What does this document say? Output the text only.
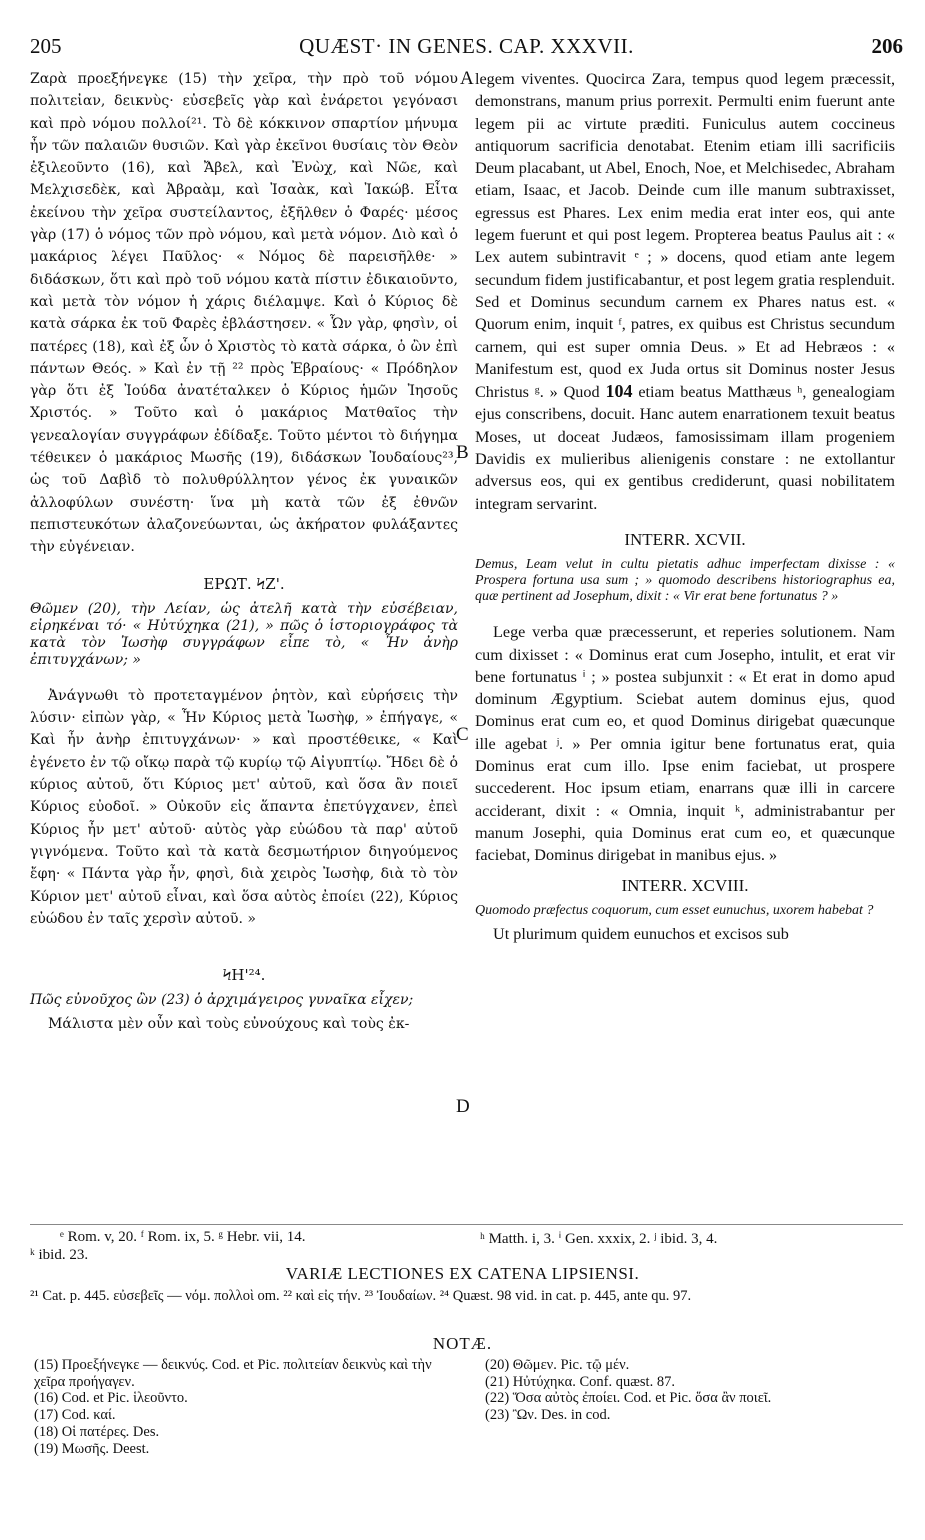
205	QUÆST· IN GENES. CAP. XXXVII.	206

Ζαρὰ προεξήνεγκε (15) τὴν χεῖρα, τὴν πρὸ τοῦ νόμου πολιτεἰαν, δεικνὺς· εὐσεβεῖς γὰρ καὶ ἐνάρετοι γεγόνασι καὶ πρὸ νόμου πολλοί²¹. Τὸ δὲ κόκκινον σπαρτίον μήνυμα ἦν τῶν παλαιῶν θυσιῶν. Καὶ γὰρ ἐκεῖνοι θυσίαις τὸν Θεὸν ἐξιλεοῦντο (16), καὶ Ἄβελ, καὶ Ἐνὼχ, καὶ Νῶε, καὶ Μελχισεδὲκ, καὶ Ἀβραὰμ, καὶ Ἰσαὰκ, καὶ Ἰακώβ. Εἶτα ἐκείνου τὴν χεῖρα συστείλαντος, ἐξῆλθεν ὁ Φαρές· μέσος γὰρ (17) ὁ νόμος τῶν πρὸ νόμου, καὶ μετὰ νόμον. Διὸ καὶ ὁ μακάριος λέγει Παῦλος· « Νόμος δὲ παρεισῆλθε· » διδάσκων, ὅτι καὶ πρὸ τοῦ νόμου κατὰ πίστιν ἐδικαιοῦντο, καὶ μετὰ τὸν νόμον ἡ χάρις διέλαμψε. Καὶ ὁ Κύριος δὲ κατὰ σάρκα ἐκ τοῦ Φαρὲς ἐβλάστησεν. « Ὧν γὰρ, φησὶν, οἱ πατέρες (18), καὶ ἐξ ὧν ὁ Χριστὸς τὸ κατὰ σάρκα, ὁ ὢν ἐπὶ πάντων Θεός. » Καὶ ἐν τῇ ²² πρὸς Ἑβραίους· « Πρόδηλον γὰρ ὅτι ἐξ Ἰούδα ἀνατέταλκεν ὁ Κύριος ἡμῶν Ἰησοῦς Χριστός. » Τοῦτο καὶ ὁ μακάριος Ματθαῖος τὴν γενεαλογίαν συγγράφων ἐδίδαξε. Τοῦτο μέντοι τὸ διήγημα τέθεικεν ὁ μακάριος Μωσῆς (19), διδάσκων Ἰουδαίους²³, ὡς τοῦ Δαβὶδ τὸ πολυθρύλλητον γένος ἐκ γυναικῶν ἀλλοφύλων συνέστη· ἵνα μὴ κατὰ τῶν ἐξ ἐθνῶν πεπιστευκότων ἀλαζονεύωνται, ὡς ἀκήρατον φυλάξαντες τὴν εὐγένειαν.

ΕΡΩΤ. ϞΖ'.

Θῶμεν (20), τὴν Λείαν, ὡς ἀτελῆ κατὰ τὴν εὐσέβειαν, εἰρηκέναι τό· « Ηὐτύχηκα (21), » πῶς ὁ ἱστοριογράφος τὰ κατὰ τὸν Ἰωσὴφ συγγράφων εἶπε τὸ, « Ἦν ἀνὴρ ἐπιτυγχάνων; »

Ἀνάγνωθι τὸ προτεταγμένον ῥητὸν, καὶ εὑρήσεις τὴν λύσιν· εἰπὼν γὰρ, « Ἦν Κύριος μετὰ Ἰωσὴφ, » ἐπήγαγε, « Καὶ ἦν ἀνὴρ ἐπιτυγχάνων· » καὶ προστέθεικε, « Καὶ ἐγένετο ἐν τῷ οἴκῳ παρὰ τῷ κυρίῳ τῷ Αἰγυπτίῳ. Ἤδει δὲ ὁ κύριος αὐτοῦ, ὅτι Κύριος μετ' αὐτοῦ, καὶ ὅσα ἂν ποιεῖ Κύριος εὐοδοῖ. » Οὐκοῦν εἰς ἅπαντα ἐπετύγχανεν, ἐπεὶ Κύριος ἦν μετ' αὐτοῦ· αὐτὸς γὰρ εὐώδου τὰ παρ' αὐτοῦ γιγνόμενα. Τοῦτο καὶ τὰ κατὰ δεσμωτήριον διηγούμενος ἔφη· « Πάντα γὰρ ἦν, φησὶ, διὰ χειρὸς Ἰωσὴφ, διὰ τὸ τὸν Κύριον μετ' αὐτοῦ εἶναι, καὶ ὅσα αὐτὸς ἐποίει (22), Κύριος εὐώδου ἐν ταῖς χερσὶν αὐτοῦ. »

ϞΗ'²⁴.

Πῶς εὐνοῦχος ὢν (23) ὁ ἀρχιμάγειρος γυναῖκα εἶχεν;

Μάλιστα μὲν οὖν καὶ τοὺς εὐνούχους καὶ τοὺς ἐκ-

legem viventes. Quocirca Zara, tempus quod legem præcessit, demonstrans, manum prius porrexit. Permulti enim fuerunt ante legem pii ac virtute præditi. Funiculus autem coccineus antiquorum sacrificia denotabat. Etenim etiam illi sacrificiis Deum placabant, ut Abel, Enoch, Noe, et Melchisedec, Abraham etiam, Isaac, et Jacob. Deinde cum ille manum subtraxisset, egressus est Phares. Lex enim media erat inter eos, qui ante legem fuerunt et qui post legem. Propterea beatus Paulus ait : « Lex autem subintravit ᵉ ; » docens, quod etiam ante legem secundum fidem justificabantur, et post legem gratia resplenduit. Sed et Dominus secundum carnem ex Phares natus est. « Quorum enim, inquit ᶠ, patres, ex quibus est Christus secundum carnem, qui est super omnia Deus. » Et ad Hebræos : « Manifestum est, quod ex Juda ortus sit Dominus noster Jesus Christus ᵍ. » Quod 104 etiam beatus Matthæus ʰ, genealogiam ejus conscribens, docuit. Hanc autem enarrationem texuit beatus Moses, ut doceat Judæos, famosissimam illam progeniem Davidis ex mulieribus alienigenis constare : ne extollantur adversus eos, qui ex gentibus crediderunt, quasi nobilitatem integram servarint.

INTERR. XCVII.

Demus, Leam velut in cultu pietatis adhuc imperfectam dixisse : « Prospera fortuna usa sum ; » quomodo describens historiographus ea, quæ pertinent ad Josephum, dixit : « Vir erat bene fortunatus ? »

Lege verba quæ præcesserunt, et reperies solutionem. Nam cum dixisset : « Dominus erat cum Josepho, intulit, et erat vir bene fortunatus ⁱ ; » postea subjunxit : « Et erat in domo apud dominum Ægyptium. Sciebat autem dominus ejus, quod Dominus erat cum eo, et quod Dominus dirigebat quæcunque ille agebat ʲ. » Per omnia igitur bene fortunatus erat, quia Dominus erat cum illo. Ipse enim faciebat, ut prospere succederent. Hoc ipsum etiam, enarrans quæ illi in carcere acciderant, dixit : « Omnia, inquit ᵏ, administrabantur per manum Josephi, quia Dominus erat cum eo, et quæcunque faciebat, Dominus dirigebat in manibus ejus. »

INTERR. XCVIII.

Quomodo præfectus coquorum, cum esset eunuchus, uxorem habebat ?

Ut plurimum quidem eunuchos et excisos sub

A
B
C
D
ᵉ Rom. v, 20. ᶠ Rom. ix, 5. ᵍ Hebr. vii, 14.	ʰ Matth. i, 3. ⁱ Gen. xxxix, 2. ʲ ibid. 3, 4.
ᵏ ibid. 23.
VARIÆ LECTIONES EX CATENA LIPSIENSI.
²¹ Cat. p. 445. εὐσεβεῖς — νόμ. πολλοὶ om. ²² καὶ εἰς τήν. ²³ Ἰουδαίων. ²⁴ Quæst. 98 vid. in cat. p. 445, ante qu. 97.
NOTÆ.
(15) Προεξήνεγκε — δεικνύς. Cod. et Pic. πολιτείαν δεικνὺς καὶ τὴν χεῖρα προήγαγεν.
(16) Cod. et Pic. ἱλεοῦντο.
(17) Cod. καί.
(18) Οἱ πατέρες. Des.
(19) Μωσῆς. Deest.
(20) Θῶμεν. Pic. τῷ μέν.
(21) Ηὐτύχηκα. Conf. quæst. 87.
(22) Ὅσα αὐτὸς ἐποίει. Cod. et Pic. ὅσα ἂν ποιεῖ.
(23) Ὢν. Des. in cod.
